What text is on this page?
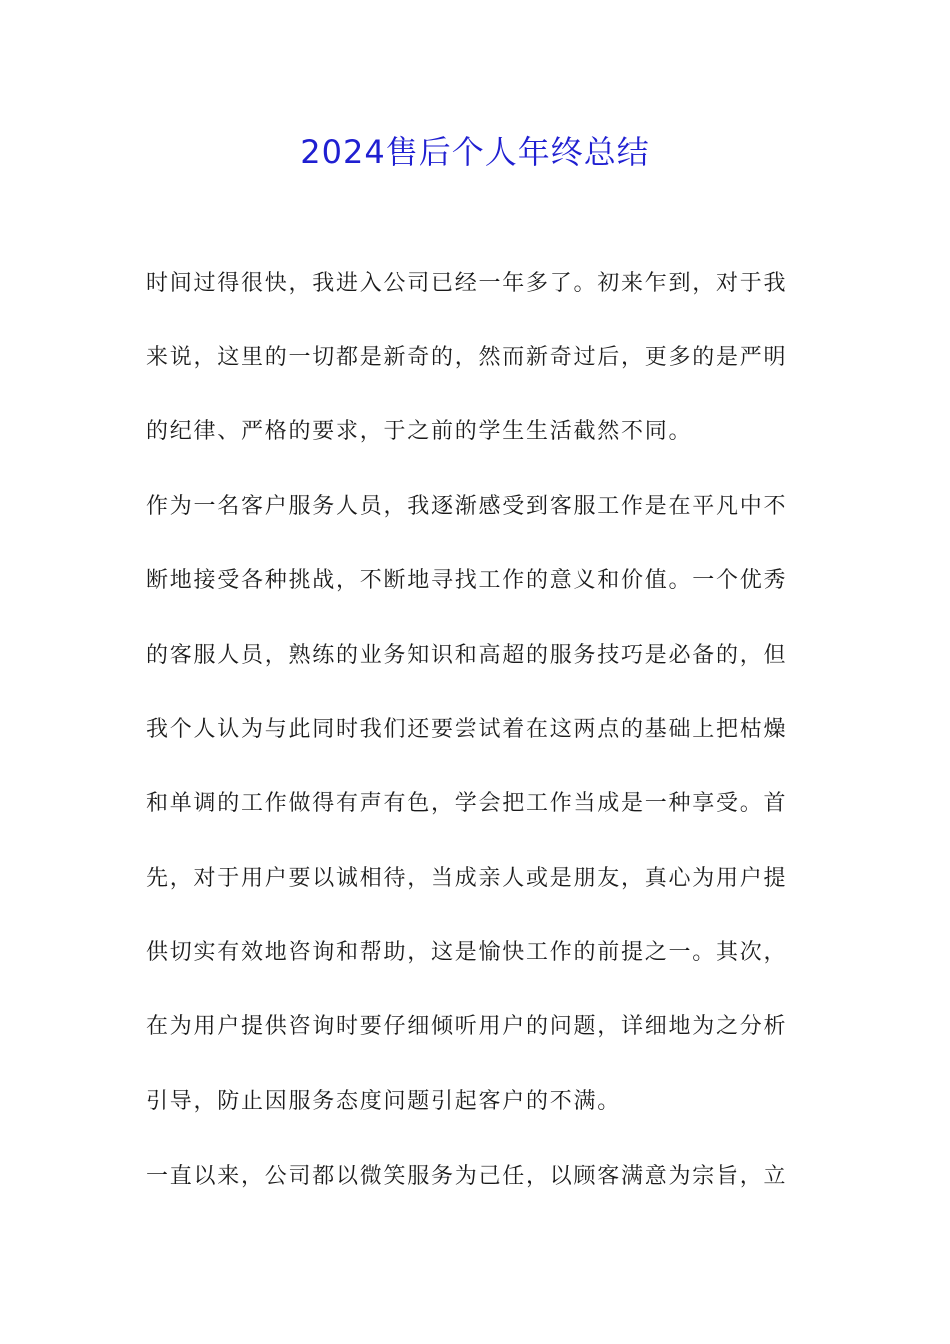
2024售后个人年终总结
时间过得很快，我进入公司已经一年多了。初来乍到，对于我
来说，这里的一切都是新奇的，然而新奇过后，更多的是严明
的纪律、严格的要求，于之前的学生生活截然不同。
作为一名客户服务人员，我逐渐感受到客服工作是在平凡中不
断地接受各种挑战，不断地寻找工作的意义和价值。一个优秀
的客服人员，熟练的业务知识和高超的服务技巧是必备的，但
我个人认为与此同时我们还要尝试着在这两点的基础上把枯燥
和单调的工作做得有声有色，学会把工作当成是一种享受。首
先，对于用户要以诚相待，当成亲人或是朋友，真心为用户提
供切实有效地咨询和帮助，这是愉快工作的前提之一。其次，
在为用户提供咨询时要仔细倾听用户的问题，详细地为之分析
引导，防止因服务态度问题引起客户的不满。
一直以来，公司都以微笑服务为己任，以顾客满意为宗旨，立
